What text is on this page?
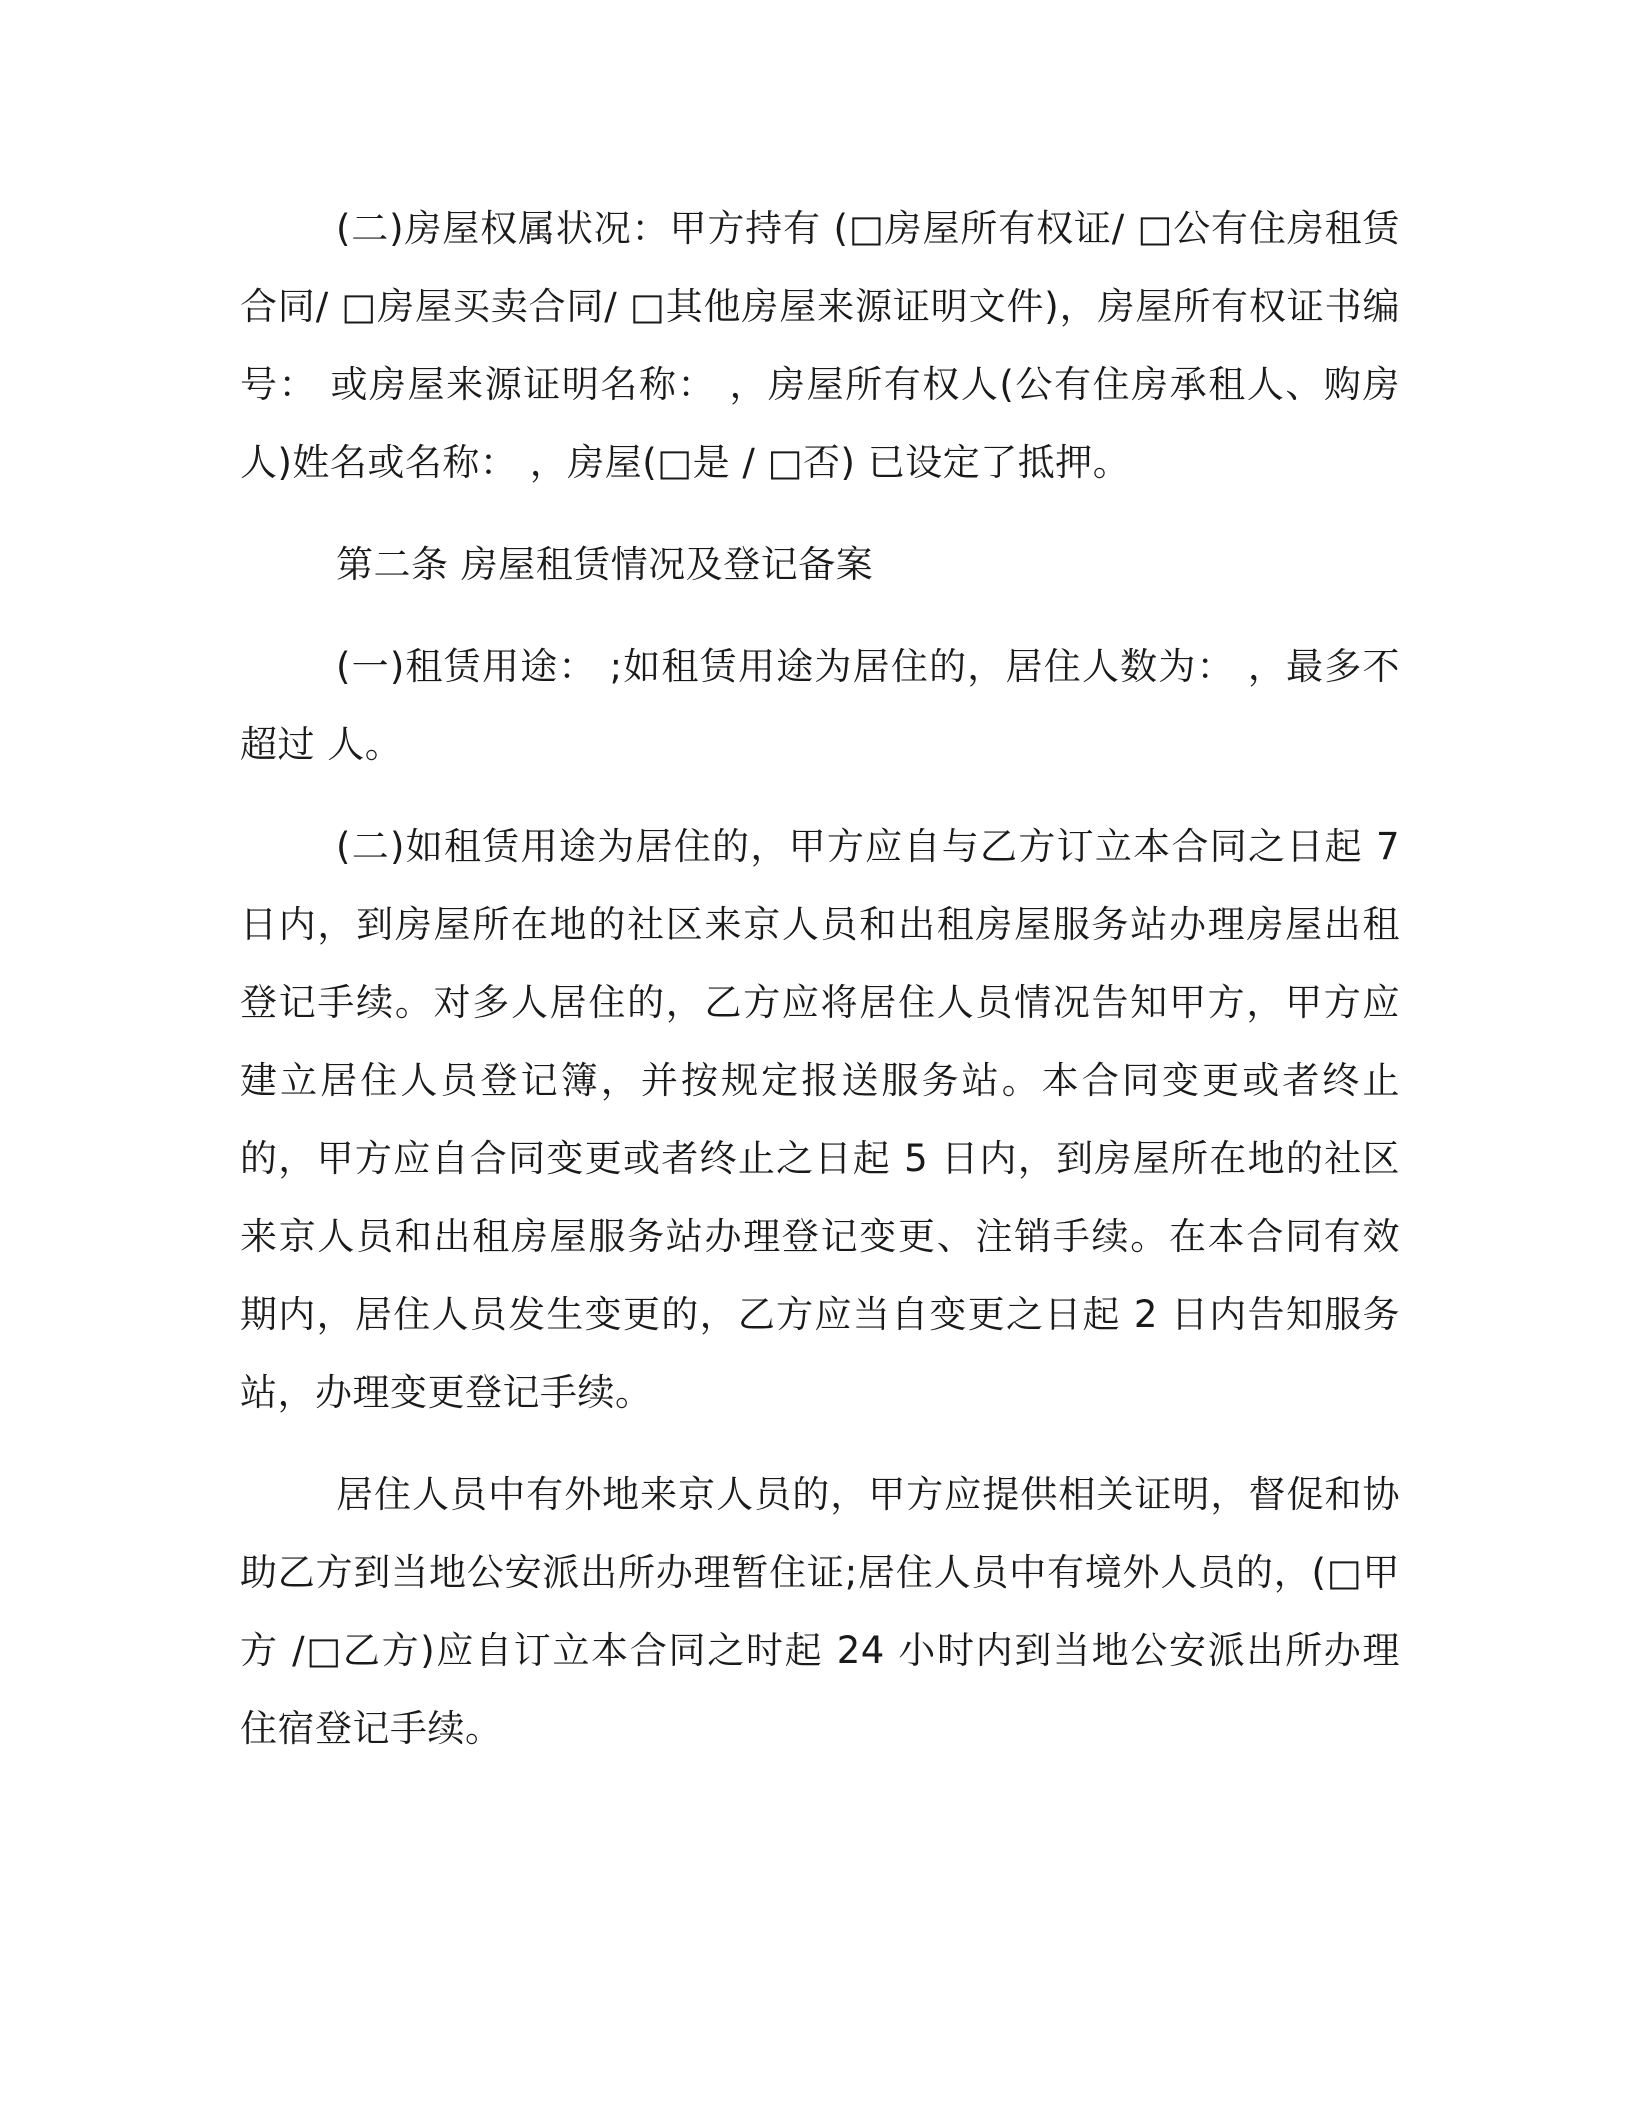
(二)房屋权属状况：甲方持有 (□房屋所有权证/ □公有住房租赁合同/ □房屋买卖合同/ □其他房屋来源证明文件)，房屋所有权证书编号： 或房屋来源证明名称： ，房屋所有权人(公有住房承租人、购房人)姓名或名称： ，房屋(□是 / □否) 已设定了抵押。

第二条 房屋租赁情况及登记备案

(一)租赁用途： ;如租赁用途为居住的，居住人数为： ，最多不超过 人。

(二)如租赁用途为居住的，甲方应自与乙方订立本合同之日起 7 日内，到房屋所在地的社区来京人员和出租房屋服务站办理房屋出租登记手续。对多人居住的，乙方应将居住人员情况告知甲方，甲方应建立居住人员登记簿，并按规定报送服务站。本合同变更或者终止的，甲方应自合同变更或者终止之日起 5 日内，到房屋所在地的社区来京人员和出租房屋服务站办理登记变更、注销手续。在本合同有效期内，居住人员发生变更的，乙方应当自变更之日起 2 日内告知服务站，办理变更登记手续。

居住人员中有外地来京人员的，甲方应提供相关证明，督促和协助乙方到当地公安派出所办理暂住证;居住人员中有境外人员的，(□甲方 /□乙方)应自订立本合同之时起 24 小时内到当地公安派出所办理住宿登记手续。
